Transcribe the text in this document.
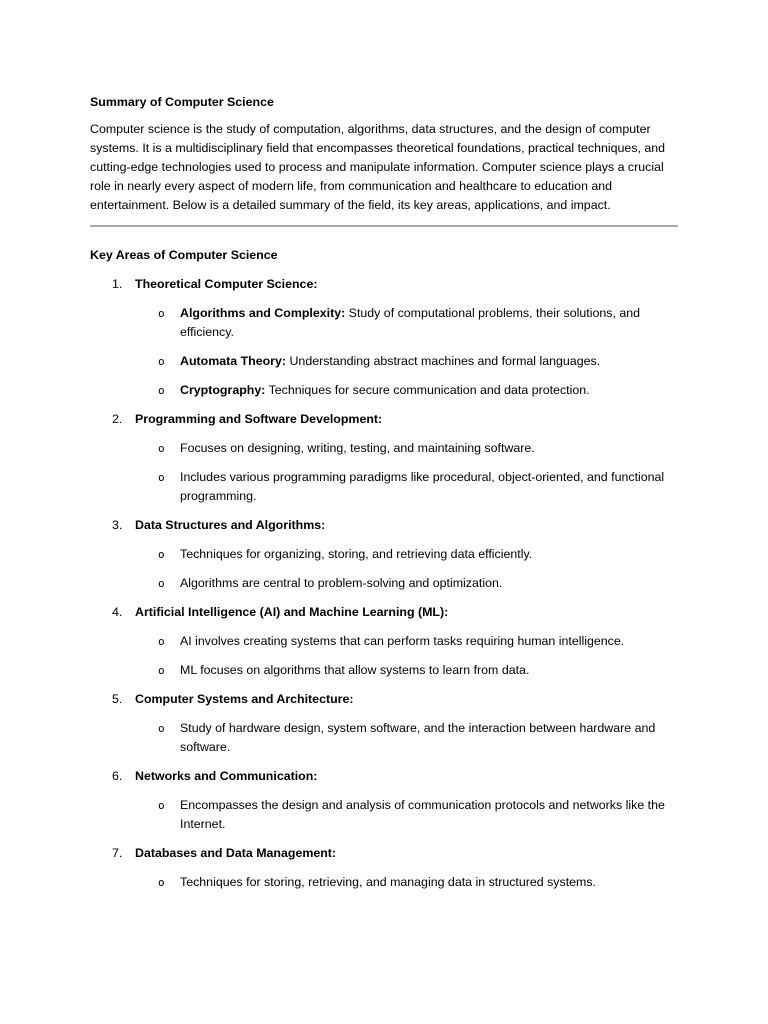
Summary of Computer Science

Computer science is the study of computation, algorithms, data structures, and the design of computer systems. It is a multidisciplinary field that encompasses theoretical foundations, practical techniques, and cutting-edge technologies used to process and manipulate information. Computer science plays a crucial role in nearly every aspect of modern life, from communication and healthcare to education and entertainment. Below is a detailed summary of the field, its key areas, applications, and impact.

Key Areas of Computer Science
1. Theoretical Computer Science:
o Algorithms and Complexity: Study of computational problems, their solutions, and efficiency.
o Automata Theory: Understanding abstract machines and formal languages.
o Cryptography: Techniques for secure communication and data protection.
2. Programming and Software Development:
o Focuses on designing, writing, testing, and maintaining software.
o Includes various programming paradigms like procedural, object-oriented, and functional programming.
3. Data Structures and Algorithms:
o Techniques for organizing, storing, and retrieving data efficiently.
o Algorithms are central to problem-solving and optimization.
4. Artificial Intelligence (AI) and Machine Learning (ML):
o AI involves creating systems that can perform tasks requiring human intelligence.
o ML focuses on algorithms that allow systems to learn from data.
5. Computer Systems and Architecture:
o Study of hardware design, system software, and the interaction between hardware and software.
6. Networks and Communication:
o Encompasses the design and analysis of communication protocols and networks like the Internet.
7. Databases and Data Management:
o Techniques for storing, retrieving, and managing data in structured systems.
